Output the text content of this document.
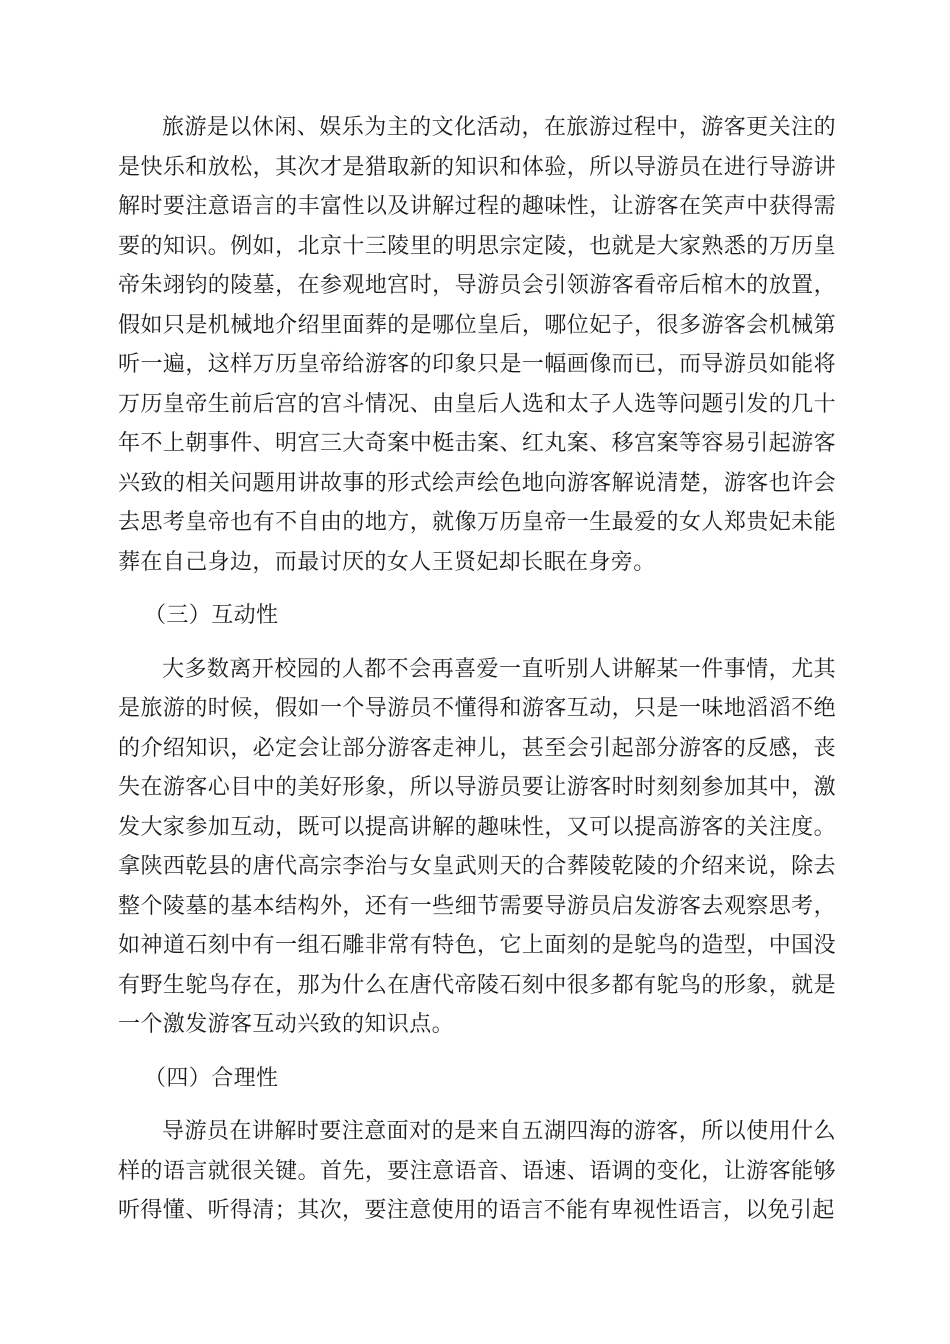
旅游是以休闲、娱乐为主的文化活动，在旅游过程中，游客更关注的是快乐和放松，其次才是猎取新的知识和体验，所以导游员在进行导游讲解时要注意语言的丰富性以及讲解过程的趣味性，让游客在笑声中获得需要的知识。例如，北京十三陵里的明思宗定陵，也就是大家熟悉的万历皇帝朱翊钧的陵墓，在参观地宫时，导游员会引领游客看帝后棺木的放置，假如只是机械地介绍里面葬的是哪位皇后，哪位妃子，很多游客会机械第听一遍，这样万历皇帝给游客的印象只是一幅画像而已，而导游员如能将万历皇帝生前后宫的宫斗情况、由皇后人选和太子人选等问题引发的几十年不上朝事件、明宫三大奇案中梃击案、红丸案、移宫案等容易引起游客兴致的相关问题用讲故事的形式绘声绘色地向游客解说清楚，游客也许会去思考皇帝也有不自由的地方，就像万历皇帝一生最爱的女人郑贵妃未能葬在自己身边，而最讨厌的女人王贤妃却长眠在身旁。

（三）互动性

大多数离开校园的人都不会再喜爱一直听别人讲解某一件事情，尤其是旅游的时候，假如一个导游员不懂得和游客互动，只是一味地滔滔不绝的介绍知识，必定会让部分游客走神儿，甚至会引起部分游客的反感，丧失在游客心目中的美好形象，所以导游员要让游客时时刻刻参加其中，激发大家参加互动，既可以提高讲解的趣味性，又可以提高游客的关注度。拿陕西乾县的唐代高宗李治与女皇武则天的合葬陵乾陵的介绍来说，除去整个陵墓的基本结构外，还有一些细节需要导游员启发游客去观察思考，如神道石刻中有一组石雕非常有特色，它上面刻的是鸵鸟的造型，中国没有野生鸵鸟存在，那为什么在唐代帝陵石刻中很多都有鸵鸟的形象，就是一个激发游客互动兴致的知识点。

（四）合理性

导游员在讲解时要注意面对的是来自五湖四海的游客，所以使用什么样的语言就很关键。首先，要注意语音、语速、语调的变化，让游客能够听得懂、听得清；其次，要注意使用的语言不能有卑视性语言，以免引起
